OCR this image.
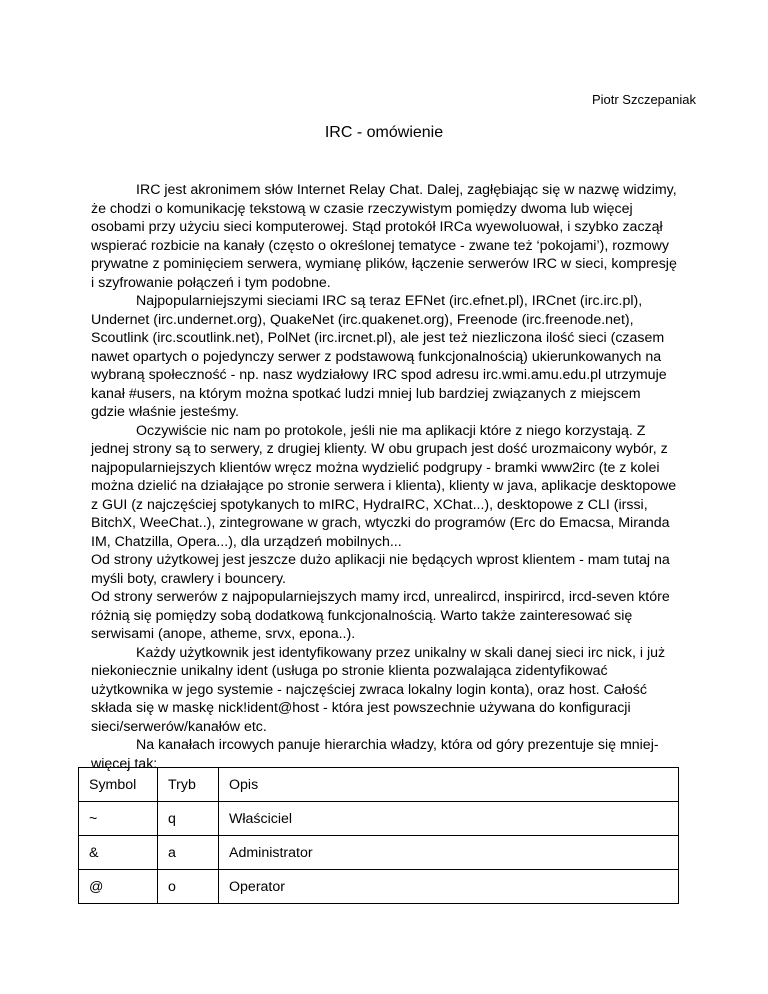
Piotr Szczepaniak
IRC - omówienie

IRC jest akronimem słów Internet Relay Chat. Dalej, zagłębiając się w nazwę widzimy, że chodzi o komunikację tekstową w czasie rzeczywistym pomiędzy dwoma lub więcej osobami przy użyciu sieci komputerowej. Stąd protokół IRCa wyewoluował, i szybko zaczął wspierać rozbicie na kanały (często o określonej tematyce - zwane też ‘pokojami’), rozmowy prywatne z pominięciem serwera, wymianę plików, łączenie serwerów IRC w sieci, kompresję i szyfrowanie połączeń i tym podobne.

Najpopularniejszymi sieciami IRC są teraz EFNet (irc.efnet.pl), IRCnet (irc.irc.pl), Undernet (irc.undernet.org), QuakeNet (irc.quakenet.org), Freenode (irc.freenode.net), Scoutlink (irc.scoutlink.net), PolNet (irc.ircnet.pl), ale jest też niezliczona ilość sieci (czasem nawet opartych o pojedynczy serwer z podstawową funkcjonalnością) ukierunkowanych na wybraną społeczność - np. nasz wydziałowy IRC spod adresu irc.wmi.amu.edu.pl utrzymuje kanał #users, na którym można spotkać ludzi mniej lub bardziej związanych z miejscem gdzie właśnie jesteśmy.

Oczywiście nic nam po protokole, jeśli nie ma aplikacji które z niego korzystają. Z jednej strony są to serwery, z drugiej klienty. W obu grupach jest dość urozmaicony wybór, z najpopularniejszych klientów wręcz można wydzielić podgrupy - bramki www2irc (te z kolei można dzielić na działające po stronie serwera i klienta), klienty w java, aplikacje desktopowe z GUI (z najczęściej spotykanych to mIRC, HydraIRC, XChat...), desktopowe z CLI (irssi, BitchX, WeeChat..), zintegrowane w grach, wtyczki do programów (Erc do Emacsa, Miranda IM, Chatzilla, Opera...), dla urządzeń mobilnych...

Od strony użytkowej jest jeszcze dużo aplikacji nie będących wprost klientem - mam tutaj na myśli boty, crawlery i bouncery.

Od strony serwerów z najpopularniejszych mamy ircd, unrealircd, inspirircd, ircd-seven które różnią się pomiędzy sobą dodatkową funkcjonalnością. Warto także zainteresować się serwisami (anope, atheme, srvx, epona..).

Każdy użytkownik jest identyfikowany przez unikalny w skali danej sieci irc nick, i już niekoniecznie unikalny ident (usługa po stronie klienta pozwalająca zidentyfikować użytkownika w jego systemie - najczęściej zwraca lokalny login konta), oraz host. Całość składa się w maskę nick!ident@host - która jest powszechnie używana do konfiguracji sieci/serwerów/kanałów etc.

Na kanałach ircowych panuje hierarchia władzy, która od góry prezentuje się mniej-więcej tak:

Symbol	Tryb	Opis
~	q	Właściciel
&	a	Administrator
@	o	Operator
